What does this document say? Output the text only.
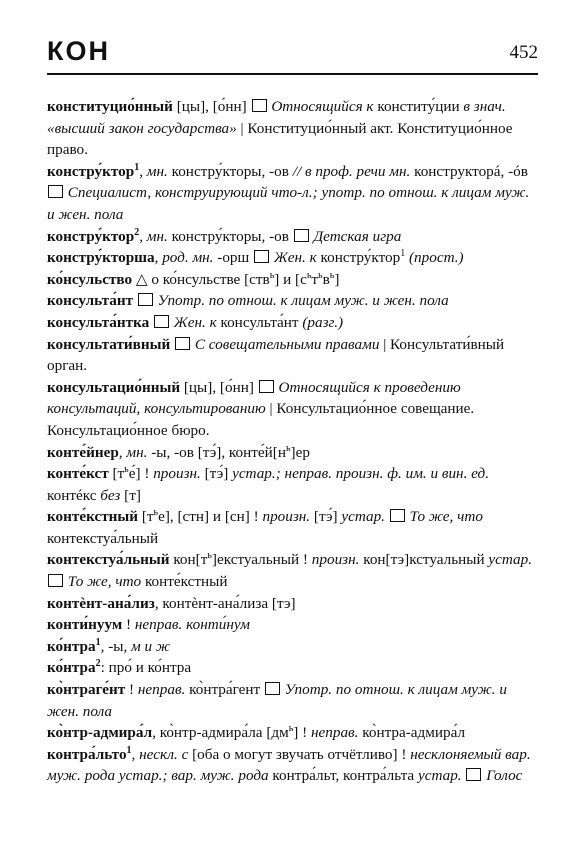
КОН	452

конституцио́нный [цы], [о́нн]  Относящийся к конститу́ции в знач. «высший закон государства» | Конституцио́нный акт. Конституцио́нное право.

констру́ктор$^1$, мн. констру́кторы, -ов // в проф. речи мн. конструкторá, -óв  Специалист, конструирующий что-л.; употр. по отнош. к лицам муж. и жен. пола

констру́ктор$^2$, мн. констру́кторы, -ов  Детская игра

констру́кторша, род. мн. -орш  Жен. к констру́ктор$^1$ (прост.)

ко́нсульство △ о ко́нсульстве [ств$^ь$] и $[с^ьт^ьв^ь]$

консульта́нт  Употр. по отнош. к лицам муж. и жен. пола

консульта́нтка  Жен. к консульта́нт (разг.)

консультати́вный  С совещательными правами | Консультати́вный орган.

консультацио́нный [цы], [о́нн]  Относящийся к проведению консультаций, консультированию | Консультацио́нное совещание. Консультацио́нное бюро.

конте́йнер, мн. -ы, -ов [тэ́], $конте́й[н^ь]ер$

конте́кст $[т^ье́]$ ! произн. [тэ́] устар.; неправ. произн. ф. им. и вин. ед. контéкс без [т]

конте́кстный $[т^ье]$, [стн] и [сн] ! произн. [тэ́] устар.  То же, что контекстуа́льный

контекстуа́льный $кон[т^ь]екстуальный$ ! произн. кон[тэ]кстуальный устар.  То же, что конте́кстный

контѐнт-ана́лиз, контѐнт-ана́лиза [тэ]

конти́нуум ! неправ. конти́нум

ко́нтра$^1$, -ы, м и ж

ко́нтра$^2$: про́ и ко́нтра

ко̀нтраге́нт ! неправ. ко̀нтра́гент  Употр. по отнош. к лицам муж. и жен. пола

ко̀нтр-адмира́л, ко̀нтр-адмира́ла $[дм^ь]$ ! неправ. ко̀нтра-адмира́л

контра́льто$^1$, нескл. с [оба о могут звучать отчётливо] ! несклоняемый вар. муж. рода устар.; вар. муж. рода контра́льт, контра́льта устар.  Голос
